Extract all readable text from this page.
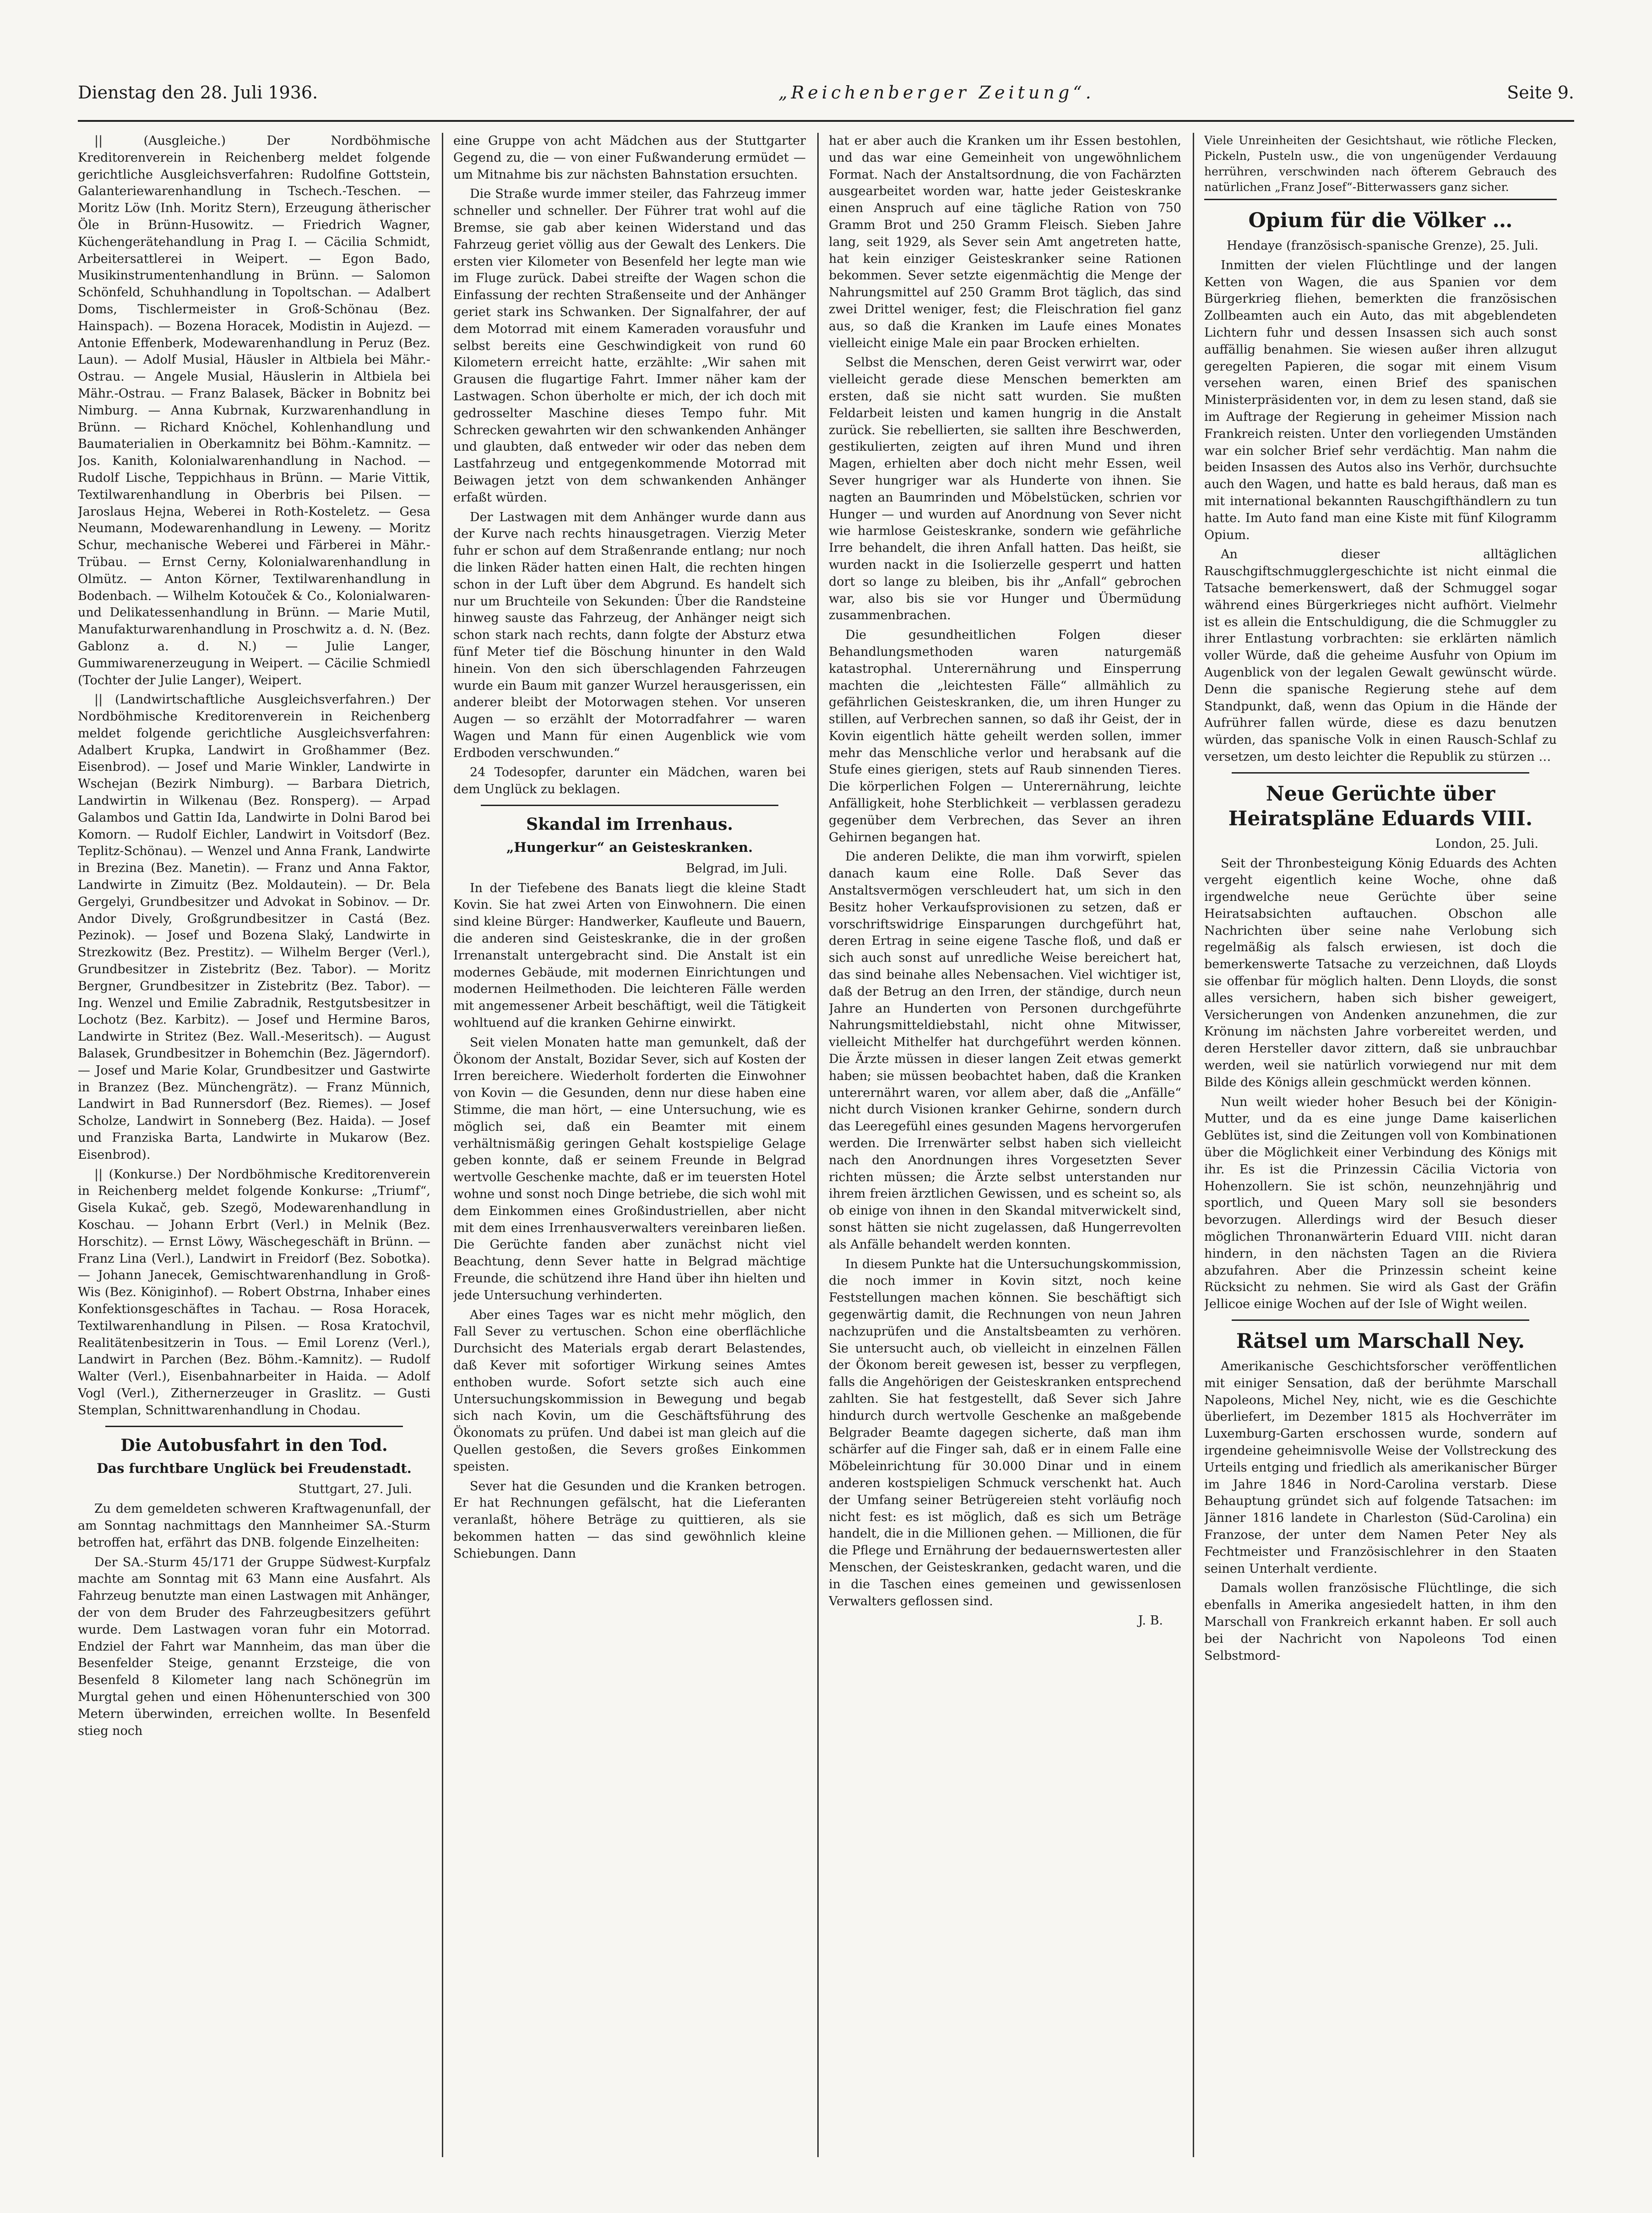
Dienstag den 28. Juli 1936.	„Reichenberger Zeitung“.	Seite 9.

|| (Ausgleiche.) Der Nordböhmische Kreditorenverein in Reichenberg meldet folgende gerichtliche Ausgleichsverfahren: Rudolfine Gottstein, Galanteriewarenhandlung in Tschech.-Teschen. — Moritz Löw (Inh. Moritz Stern), Erzeugung ätherischer Öle in Brünn-Husowitz. — Friedrich Wagner, Küchengerätehandlung in Prag I. — Cäcilia Schmidt, Arbeitersattlerei in Weipert. — Egon Bado, Musikinstrumentenhandlung in Brünn. — Salomon Schönfeld, Schuhhandlung in Topoltschan. — Adalbert Doms, Tischlermeister in Groß-Schönau (Bez. Hainspach). — Bozena Horacek, Modistin in Aujezd. — Antonie Effenberk, Modewarenhandlung in Peruz (Bez. Laun). — Adolf Musial, Häusler in Altbiela bei Mähr.-Ostrau. — Angele Musial, Häuslerin in Altbiela bei Mähr.-Ostrau. — Franz Balasek, Bäcker in Bobnitz bei Nimburg. — Anna Kubrnak, Kurzwarenhandlung in Brünn. — Richard Knöchel, Kohlenhandlung und Baumaterialien in Oberkamnitz bei Böhm.-Kamnitz. — Jos. Kanith, Kolonialwarenhandlung in Nachod. — Rudolf Lische, Teppichhaus in Brünn. — Marie Vittik, Textilwarenhandlung in Oberbris bei Pilsen. — Jaroslaus Hejna, Weberei in Roth-Kosteletz. — Gesa Neumann, Modewarenhandlung in Leweny. — Moritz Schur, mechanische Weberei und Färberei in Mähr.-Trübau. — Ernst Cerny, Kolonialwarenhandlung in Olmütz. — Anton Körner, Textilwarenhandlung in Bodenbach. — Wilhelm Kotouček & Co., Kolonialwaren- und Delikatessenhandlung in Brünn. — Marie Mutil, Manufakturwarenhandlung in Proschwitz a. d. N. (Bez. Gablonz a. d. N.) — Julie Langer, Gummiwarenerzeugung in Weipert. — Cäcilie Schmiedl (Tochter der Julie Langer), Weipert.

|| (Landwirtschaftliche Ausgleichsverfahren.) Der Nordböhmische Kreditorenverein in Reichenberg meldet folgende gerichtliche Ausgleichsverfahren: Adalbert Krupka, Landwirt in Großhammer (Bez. Eisenbrod). — Josef und Marie Winkler, Landwirte in Wschejan (Bezirk Nimburg). — Barbara Dietrich, Landwirtin in Wilkenau (Bez. Ronsperg). — Arpad Galambos und Gattin Ida, Landwirte in Dolni Barod bei Komorn. — Rudolf Eichler, Landwirt in Voitsdorf (Bez. Teplitz-Schönau). — Wenzel und Anna Frank, Landwirte in Brezina (Bez. Manetin). — Franz und Anna Faktor, Landwirte in Zimuitz (Bez. Moldautein). — Dr. Bela Gergelyi, Grundbesitzer und Advokat in Sobinov. — Dr. Andor Dively, Großgrundbesitzer in Castá (Bez. Pezinok). — Josef und Bozena Slaký, Landwirte in Strezkowitz (Bez. Prestitz). — Wilhelm Berger (Verl.), Grundbesitzer in Zistebritz (Bez. Tabor). — Moritz Bergner, Grundbesitzer in Zistebritz (Bez. Tabor). — Ing. Wenzel und Emilie Zabradnik, Restgutsbesitzer in Lochotz (Bez. Karbitz). — Josef und Hermine Baros, Landwirte in Stritez (Bez. Wall.-Meseritsch). — August Balasek, Grundbesitzer in Bohemchin (Bez. Jägerndorf). — Josef und Marie Kolar, Grundbesitzer und Gastwirte in Branzez (Bez. Münchengrätz). — Franz Münnich, Landwirt in Bad Runnersdorf (Bez. Riemes). — Josef Scholze, Landwirt in Sonneberg (Bez. Haida). — Josef und Franziska Barta, Landwirte in Mukarow (Bez. Eisenbrod).

|| (Konkurse.) Der Nordböhmische Kreditorenverein in Reichenberg meldet folgende Konkurse: „Triumf“, Gisela Kukač, geb. Szegö, Modewarenhandlung in Koschau. — Johann Erbrt (Verl.) in Melnik (Bez. Horschitz). — Ernst Löwy, Wäschegeschäft in Brünn. — Franz Lina (Verl.), Landwirt in Freidorf (Bez. Sobotka). — Johann Janecek, Gemischtwarenhandlung in Groß-Wis (Bez. Königinhof). — Robert Obstrna, Inhaber eines Konfektionsgeschäftes in Tachau. — Rosa Horacek, Textilwarenhandlung in Pilsen. — Rosa Kratochvil, Realitätenbesitzerin in Tous. — Emil Lorenz (Verl.), Landwirt in Parchen (Bez. Böhm.-Kamnitz). — Rudolf Walter (Verl.), Eisenbahnarbeiter in Haida. — Adolf Vogl (Verl.), Zithernerzeuger in Graslitz. — Gusti Stemplan, Schnittwarenhandlung in Chodau.

Die Autobusfahrt in den Tod.
Das furchtbare Unglück bei Freudenstadt.
Stuttgart, 27. Juli.

Zu dem gemeldeten schweren Kraftwagenunfall, der am Sonntag nachmittags den Mannheimer SA.-Sturm betroffen hat, erfährt das DNB. folgende Einzelheiten:

Der SA.-Sturm 45/171 der Gruppe Südwest-Kurpfalz machte am Sonntag mit 63 Mann eine Ausfahrt. Als Fahrzeug benutzte man einen Lastwagen mit Anhänger, der von dem Bruder des Fahrzeugbesitzers geführt wurde. Dem Lastwagen voran fuhr ein Motorrad. Endziel der Fahrt war Mannheim, das man über die Besenfelder Steige, genannt Erzsteige, die von Besenfeld 8 Kilometer lang nach Schönegrün im Murgtal gehen und einen Höhenunterschied von 300 Metern überwinden, erreichen wollte. In Besenfeld stieg noch

eine Gruppe von acht Mädchen aus der Stuttgarter Gegend zu, die — von einer Fußwanderung ermüdet — um Mitnahme bis zur nächsten Bahnstation ersuchten.

Die Straße wurde immer steiler, das Fahrzeug immer schneller und schneller. Der Führer trat wohl auf die Bremse, sie gab aber keinen Widerstand und das Fahrzeug geriet völlig aus der Gewalt des Lenkers. Die ersten vier Kilometer von Besenfeld her legte man wie im Fluge zurück. Dabei streifte der Wagen schon die Einfassung der rechten Straßenseite und der Anhänger geriet stark ins Schwanken. Der Signalfahrer, der auf dem Motorrad mit einem Kameraden vorausfuhr und selbst bereits eine Geschwindigkeit von rund 60 Kilometern erreicht hatte, erzählte: „Wir sahen mit Grausen die flugartige Fahrt. Immer näher kam der Lastwagen. Schon überholte er mich, der ich doch mit gedrosselter Maschine dieses Tempo fuhr. Mit Schrecken gewahrten wir den schwankenden Anhänger und glaubten, daß entweder wir oder das neben dem Lastfahrzeug und entgegenkommende Motorrad mit Beiwagen jetzt von dem schwankenden Anhänger erfaßt würden.

Der Lastwagen mit dem Anhänger wurde dann aus der Kurve nach rechts hinausgetragen. Vierzig Meter fuhr er schon auf dem Straßenrande entlang; nur noch die linken Räder hatten einen Halt, die rechten hingen schon in der Luft über dem Abgrund. Es handelt sich nur um Bruchteile von Sekunden: Über die Randsteine hinweg sauste das Fahrzeug, der Anhänger neigt sich schon stark nach rechts, dann folgte der Absturz etwa fünf Meter tief die Böschung hinunter in den Wald hinein. Von den sich überschlagenden Fahrzeugen wurde ein Baum mit ganzer Wurzel herausgerissen, ein anderer bleibt der Motorwagen stehen. Vor unseren Augen — so erzählt der Motorradfahrer — waren Wagen und Mann für einen Augenblick wie vom Erdboden verschwunden.“

24 Todesopfer, darunter ein Mädchen, waren bei dem Unglück zu beklagen.

Skandal im Irrenhaus.
„Hungerkur“ an Geisteskranken.
Belgrad, im Juli.

In der Tiefebene des Banats liegt die kleine Stadt Kovin. Sie hat zwei Arten von Einwohnern. Die einen sind kleine Bürger: Handwerker, Kaufleute und Bauern, die anderen sind Geisteskranke, die in der großen Irrenanstalt untergebracht sind. Die Anstalt ist ein modernes Gebäude, mit modernen Einrichtungen und modernen Heilmethoden. Die leichteren Fälle werden mit angemessener Arbeit beschäftigt, weil die Tätigkeit wohltuend auf die kranken Gehirne einwirkt.

Seit vielen Monaten hatte man gemunkelt, daß der Ökonom der Anstalt, Bozidar Sever, sich auf Kosten der Irren bereichere. Wiederholt forderten die Einwohner von Kovin — die Gesunden, denn nur diese haben eine Stimme, die man hört, — eine Untersuchung, wie es möglich sei, daß ein Beamter mit einem verhältnismäßig geringen Gehalt kostspielige Gelage geben konnte, daß er seinem Freunde in Belgrad wertvolle Geschenke machte, daß er im teuersten Hotel wohne und sonst noch Dinge betriebe, die sich wohl mit dem Einkommen eines Großindustriellen, aber nicht mit dem eines Irrenhausverwalters vereinbaren ließen. Die Gerüchte fanden aber zunächst nicht viel Beachtung, denn Sever hatte in Belgrad mächtige Freunde, die schützend ihre Hand über ihn hielten und jede Untersuchung verhinderten.

Aber eines Tages war es nicht mehr möglich, den Fall Sever zu vertuschen. Schon eine oberflächliche Durchsicht des Materials ergab derart Belastendes, daß Kever mit sofortiger Wirkung seines Amtes enthoben wurde. Sofort setzte sich auch eine Untersuchungskommission in Bewegung und begab sich nach Kovin, um die Geschäftsführung des Ökonomats zu prüfen. Und dabei ist man gleich auf die Quellen gestoßen, die Severs großes Einkommen speisten.

Sever hat die Gesunden und die Kranken betrogen. Er hat Rechnungen gefälscht, hat die Lieferanten veranlaßt, höhere Beträge zu quittieren, als sie bekommen hatten — das sind gewöhnlich kleine Schiebungen. Dann

hat er aber auch die Kranken um ihr Essen bestohlen, und das war eine Gemeinheit von ungewöhnlichem Format. Nach der Anstaltsordnung, die von Fachärzten ausgearbeitet worden war, hatte jeder Geisteskranke einen Anspruch auf eine tägliche Ration von 750 Gramm Brot und 250 Gramm Fleisch. Sieben Jahre lang, seit 1929, als Sever sein Amt angetreten hatte, hat kein einziger Geisteskranker seine Rationen bekommen. Sever setzte eigenmächtig die Menge der Nahrungsmittel auf 250 Gramm Brot täglich, das sind zwei Drittel weniger, fest; die Fleischration fiel ganz aus, so daß die Kranken im Laufe eines Monates vielleicht einige Male ein paar Brocken erhielten.

Selbst die Menschen, deren Geist verwirrt war, oder vielleicht gerade diese Menschen bemerkten am ersten, daß sie nicht satt wurden. Sie mußten Feldarbeit leisten und kamen hungrig in die Anstalt zurück. Sie rebellierten, sie sallten ihre Beschwerden, gestikulierten, zeigten auf ihren Mund und ihren Magen, erhielten aber doch nicht mehr Essen, weil Sever hungriger war als Hunderte von ihnen. Sie nagten an Baumrinden und Möbelstücken, schrien vor Hunger — und wurden auf Anordnung von Sever nicht wie harmlose Geisteskranke, sondern wie gefährliche Irre behandelt, die ihren Anfall hatten. Das heißt, sie wurden nackt in die Isolierzelle gesperrt und hatten dort so lange zu bleiben, bis ihr „Anfall“ gebrochen war, also bis sie vor Hunger und Übermüdung zusammenbrachen.

Die gesundheitlichen Folgen dieser Behandlungsmethoden waren naturgemäß katastrophal. Unterernährung und Einsperrung machten die „leichtesten Fälle“ allmählich zu gefährlichen Geisteskranken, die, um ihren Hunger zu stillen, auf Verbrechen sannen, so daß ihr Geist, der in Kovin eigentlich hätte geheilt werden sollen, immer mehr das Menschliche verlor und herabsank auf die Stufe eines gierigen, stets auf Raub sinnenden Tieres. Die körperlichen Folgen — Unterernährung, leichte Anfälligkeit, hohe Sterblichkeit — verblassen geradezu gegenüber dem Verbrechen, das Sever an ihren Gehirnen begangen hat.

Die anderen Delikte, die man ihm vorwirft, spielen danach kaum eine Rolle. Daß Sever das Anstaltsvermögen verschleudert hat, um sich in den Besitz hoher Verkaufsprovisionen zu setzen, daß er vorschriftswidrige Einsparungen durchgeführt hat, deren Ertrag in seine eigene Tasche floß, und daß er sich auch sonst auf unredliche Weise bereichert hat, das sind beinahe alles Nebensachen. Viel wichtiger ist, daß der Betrug an den Irren, der ständige, durch neun Jahre an Hunderten von Personen durchgeführte Nahrungsmitteldiebstahl, nicht ohne Mitwisser, vielleicht Mithelfer hat durchgeführt werden können. Die Ärzte müssen in dieser langen Zeit etwas gemerkt haben; sie müssen beobachtet haben, daß die Kranken unterernährt waren, vor allem aber, daß die „Anfälle“ nicht durch Visionen kranker Gehirne, sondern durch das Leeregefühl eines gesunden Magens hervorgerufen werden. Die Irrenwärter selbst haben sich vielleicht nach den Anordnungen ihres Vorgesetzten Sever richten müssen; die Ärzte selbst unterstanden nur ihrem freien ärztlichen Gewissen, und es scheint so, als ob einige von ihnen in den Skandal mitverwickelt sind, sonst hätten sie nicht zugelassen, daß Hungerrevolten als Anfälle behandelt werden konnten.

In diesem Punkte hat die Untersuchungskommission, die noch immer in Kovin sitzt, noch keine Feststellungen machen können. Sie beschäftigt sich gegenwärtig damit, die Rechnungen von neun Jahren nachzuprüfen und die Anstaltsbeamten zu verhören. Sie untersucht auch, ob vielleicht in einzelnen Fällen der Ökonom bereit gewesen ist, besser zu verpflegen, falls die Angehörigen der Geisteskranken entsprechend zahlten. Sie hat festgestellt, daß Sever sich Jahre hindurch durch wertvolle Geschenke an maßgebende Belgrader Beamte dagegen sicherte, daß man ihm schärfer auf die Finger sah, daß er in einem Falle eine Möbeleinrichtung für 30.000 Dinar und in einem anderen kostspieligen Schmuck verschenkt hat. Auch der Umfang seiner Betrügereien steht vorläufig noch nicht fest: es ist möglich, daß es sich um Beträge handelt, die in die Millionen gehen. — Millionen, die für die Pflege und Ernährung der bedauernswertesten aller Menschen, der Geisteskranken, gedacht waren, und die in die Taschen eines gemeinen und gewissenlosen Verwalters geflossen sind.

J. B.
Viele Unreinheiten der Gesichtshaut, wie rötliche Flecken, Pickeln, Pusteln usw., die von ungenügender Verdauung herrühren, verschwinden nach öfterem Gebrauch des natürlichen „Franz Josef“-Bitterwassers ganz sicher.
Opium für die Völker …
Hendaye (französisch-spanische Grenze), 25. Juli.

Inmitten der vielen Flüchtlinge und der langen Ketten von Wagen, die aus Spanien vor dem Bürgerkrieg fliehen, bemerkten die französischen Zollbeamten auch ein Auto, das mit abgeblendeten Lichtern fuhr und dessen Insassen sich auch sonst auffällig benahmen. Sie wiesen außer ihren allzugut geregelten Papieren, die sogar mit einem Visum versehen waren, einen Brief des spanischen Ministerpräsidenten vor, in dem zu lesen stand, daß sie im Auftrage der Regierung in geheimer Mission nach Frankreich reisten. Unter den vorliegenden Umständen war ein solcher Brief sehr verdächtig. Man nahm die beiden Insassen des Autos also ins Verhör, durchsuchte auch den Wagen, und hatte es bald heraus, daß man es mit international bekannten Rauschgifthändlern zu tun hatte. Im Auto fand man eine Kiste mit fünf Kilogramm Opium.

An dieser alltäglichen Rauschgiftschmugglergeschichte ist nicht einmal die Tatsache bemerkenswert, daß der Schmuggel sogar während eines Bürgerkrieges nicht aufhört. Vielmehr ist es allein die Entschuldigung, die die Schmuggler zu ihrer Entlastung vorbrachten: sie erklärten nämlich voller Würde, daß die geheime Ausfuhr von Opium im Augenblick von der legalen Gewalt gewünscht würde. Denn die spanische Regierung stehe auf dem Standpunkt, daß, wenn das Opium in die Hände der Aufrührer fallen würde, diese es dazu benutzen würden, das spanische Volk in einen Rausch-Schlaf zu versetzen, um desto leichter die Republik zu stürzen …

Neue Gerüchte über Heiratspläne Eduards VIII.
London, 25. Juli.

Seit der Thronbesteigung König Eduards des Achten vergeht eigentlich keine Woche, ohne daß irgendwelche neue Gerüchte über seine Heiratsabsichten auftauchen. Obschon alle Nachrichten über seine nahe Verlobung sich regelmäßig als falsch erwiesen, ist doch die bemerkenswerte Tatsache zu verzeichnen, daß Lloyds sie offenbar für möglich halten. Denn Lloyds, die sonst alles versichern, haben sich bisher geweigert, Versicherungen von Andenken anzunehmen, die zur Krönung im nächsten Jahre vorbereitet werden, und deren Hersteller davor zittern, daß sie unbrauchbar werden, weil sie natürlich vorwiegend nur mit dem Bilde des Königs allein geschmückt werden können.

Nun weilt wieder hoher Besuch bei der Königin-Mutter, und da es eine junge Dame kaiserlichen Geblütes ist, sind die Zeitungen voll von Kombinationen über die Möglichkeit einer Verbindung des Königs mit ihr. Es ist die Prinzessin Cäcilia Victoria von Hohenzollern. Sie ist schön, neunzehnjährig und sportlich, und Queen Mary soll sie besonders bevorzugen. Allerdings wird der Besuch dieser möglichen Thronanwärterin Eduard VIII. nicht daran hindern, in den nächsten Tagen an die Riviera abzufahren. Aber die Prinzessin scheint keine Rücksicht zu nehmen. Sie wird als Gast der Gräfin Jellicoe einige Wochen auf der Isle of Wight weilen.

Rätsel um Marschall Ney.

Amerikanische Geschichtsforscher veröffentlichen mit einiger Sensation, daß der berühmte Marschall Napoleons, Michel Ney, nicht, wie es die Geschichte überliefert, im Dezember 1815 als Hochverräter im Luxemburg-Garten erschossen wurde, sondern auf irgendeine geheimnisvolle Weise der Vollstreckung des Urteils entging und friedlich als amerikanischer Bürger im Jahre 1846 in Nord-Carolina verstarb. Diese Behauptung gründet sich auf folgende Tatsachen: im Jänner 1816 landete in Charleston (Süd-Carolina) ein Franzose, der unter dem Namen Peter Ney als Fechtmeister und Französischlehrer in den Staaten seinen Unterhalt verdiente.

Damals wollen französische Flüchtlinge, die sich ebenfalls in Amerika angesiedelt hatten, in ihm den Marschall von Frankreich erkannt haben. Er soll auch bei der Nachricht von Napoleons Tod einen Selbstmord-
